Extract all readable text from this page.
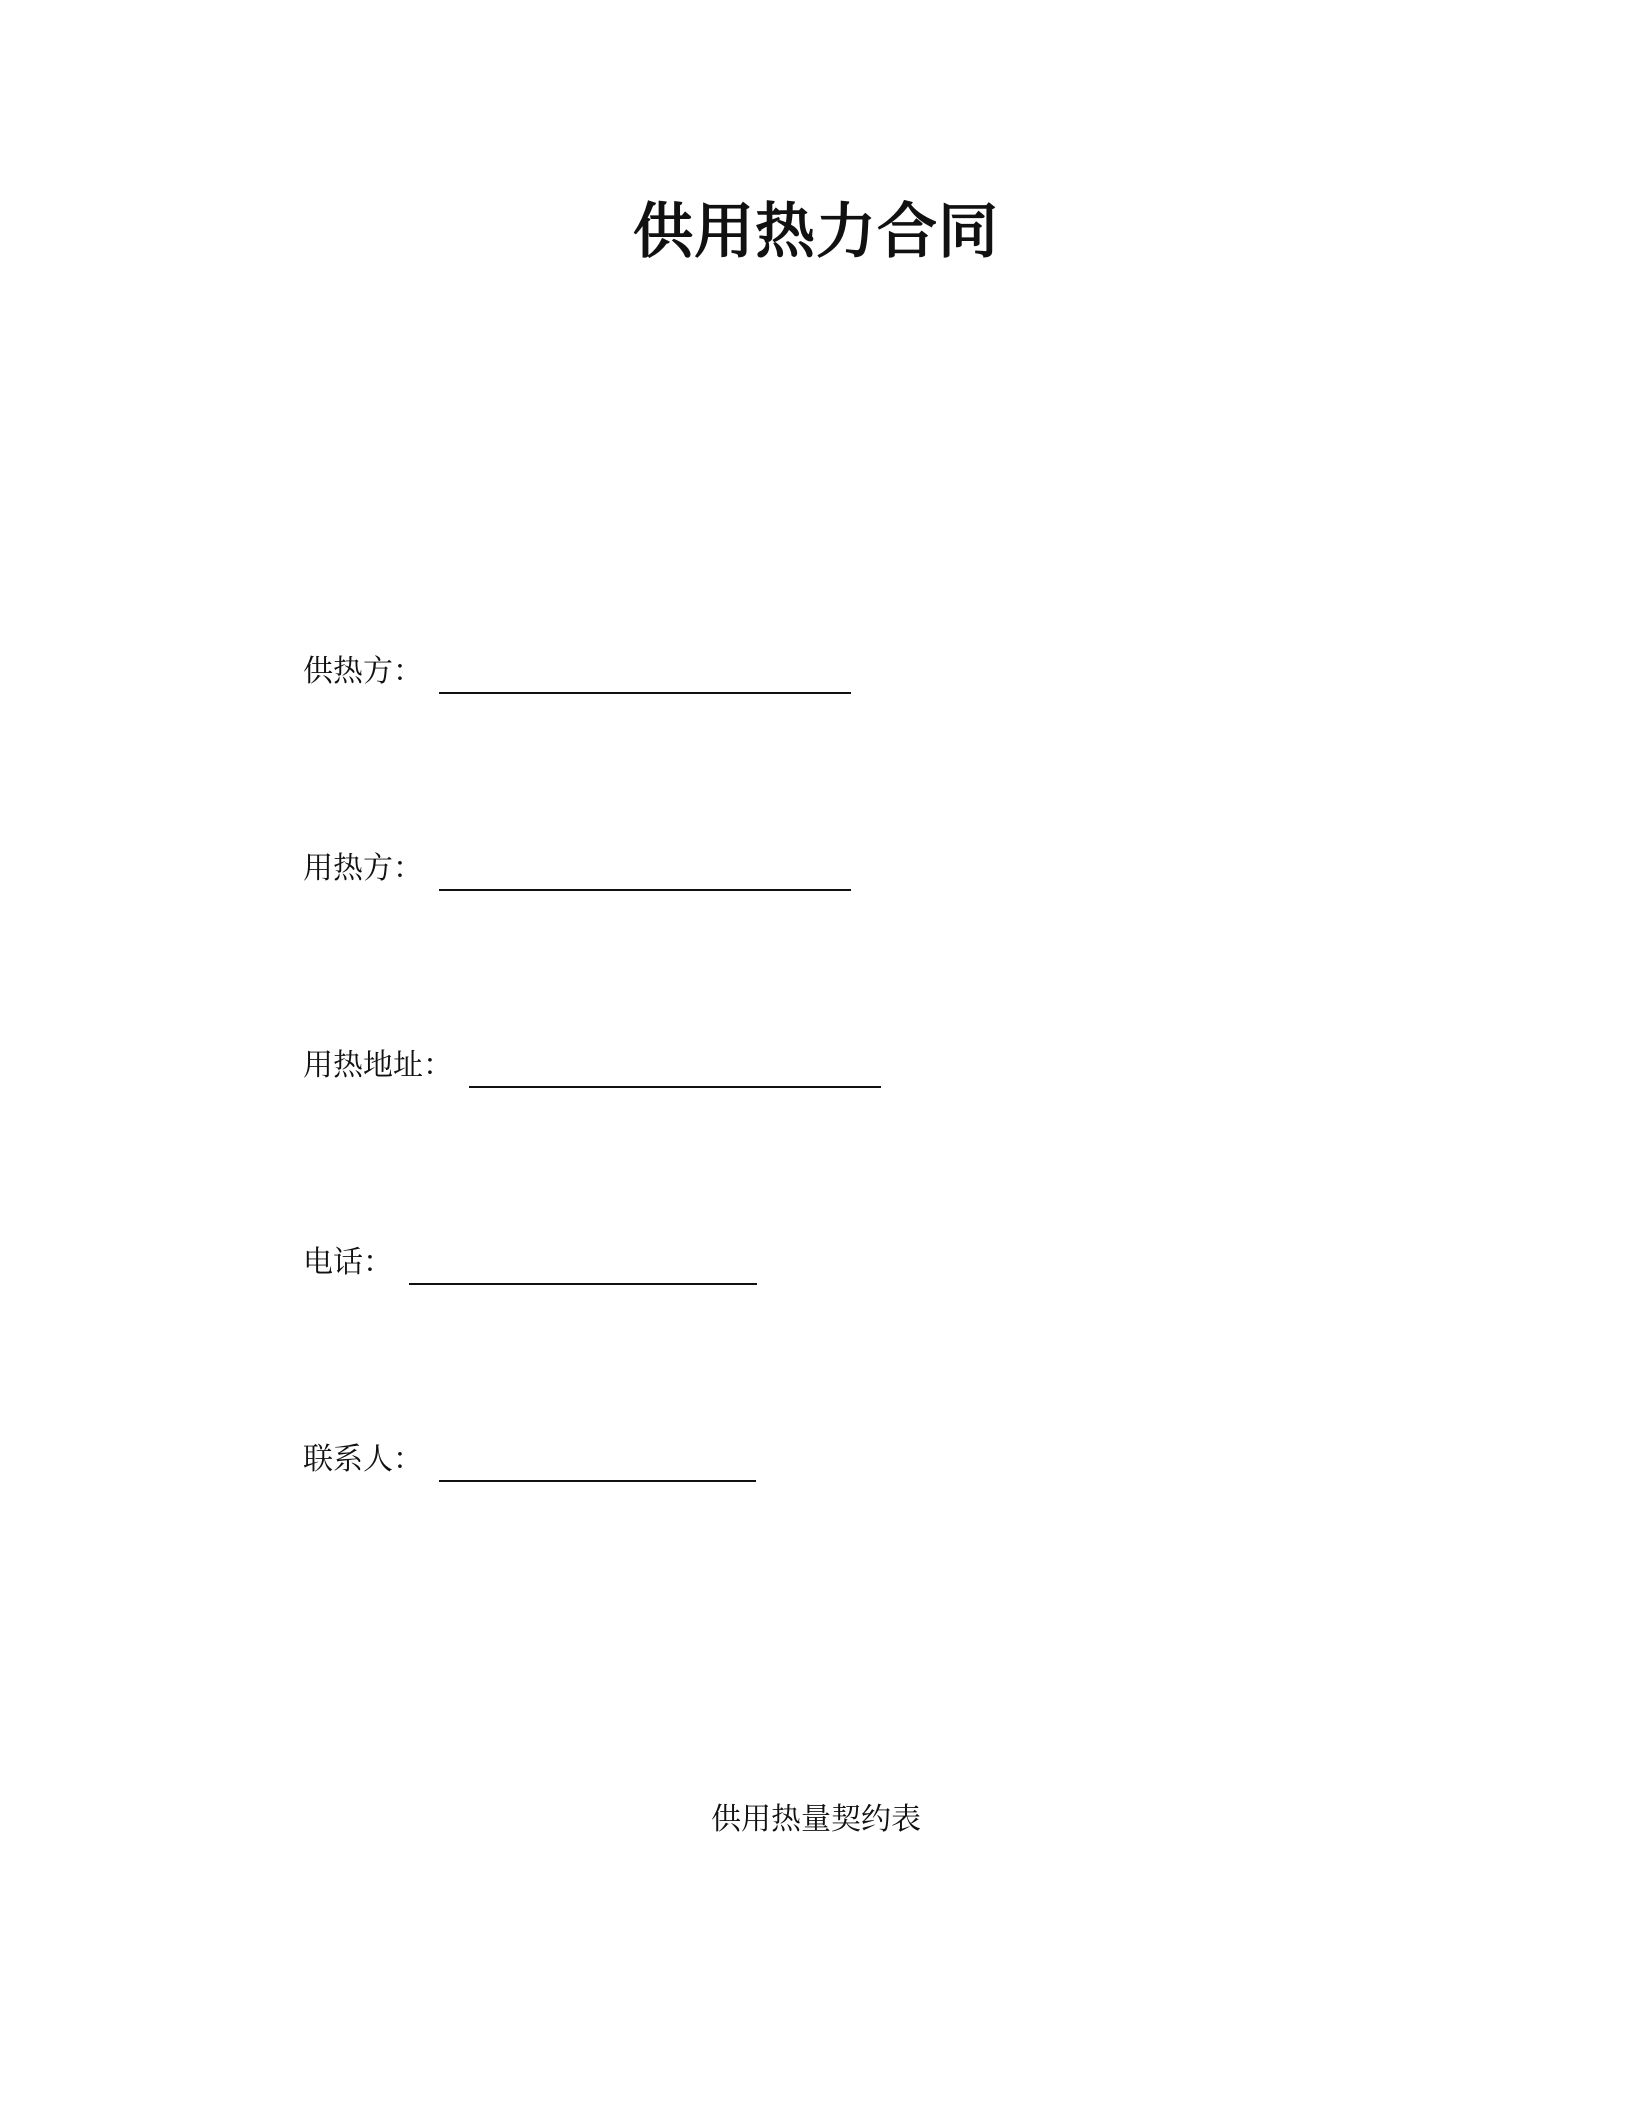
供用热力合同
供热方：
用热方：
用热地址：
电话：
联系人：
供用热量契约表
